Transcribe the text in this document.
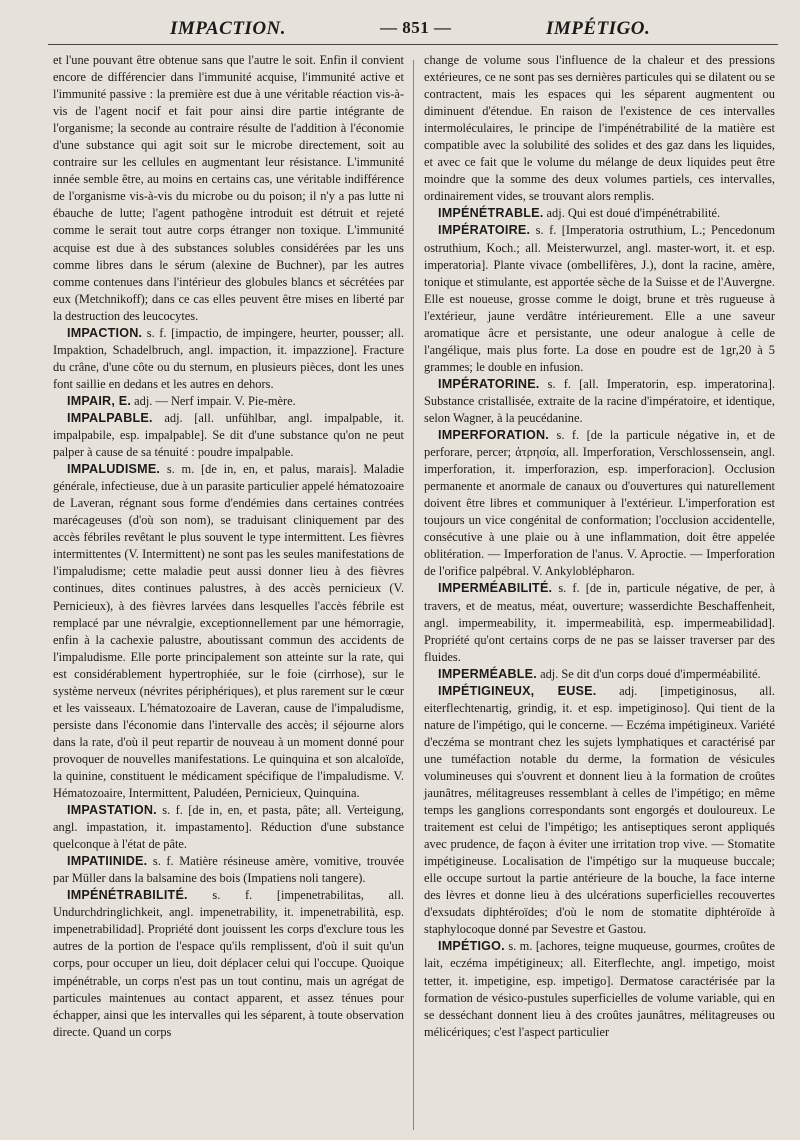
IMPACTION.	— 851 —	IMPÉTIGO.

et l'une pouvant être obtenue sans que l'autre le soit. Enfin il convient encore de différencier dans l'immunité acquise, l'immunité active et l'immunité passive : la première est due à une véritable réaction vis-à-vis de l'agent nocif et fait pour ainsi dire partie intégrante de l'organisme; la seconde au contraire résulte de l'addition à l'économie d'une substance qui agit soit sur le microbe directement, soit au contraire sur les cellules en augmentant leur résistance. L'immunité innée semble être, au moins en certains cas, une véritable indifférence de l'organisme vis-à-vis du microbe ou du poison; il n'y a pas lutte ni ébauche de lutte; l'agent pathogène introduit est détruit et rejeté comme le serait tout autre corps étranger non toxique. L'immunité acquise est due à des substances solubles considérées par les uns comme libres dans le sérum (alexine de Buchner), par les autres comme contenues dans l'intérieur des globules blancs et sécrétées par eux (Metchnikoff); dans ce cas elles peuvent être mises en liberté par la destruction des leucocytes.

IMPACTION. s. f. [impactio, de impingere, heurter, pousser; all. Impaktion, Schadelbruch, angl. impaction, it. impazzione]. Fracture du crâne, d'une côte ou du sternum, en plusieurs pièces, dont les unes font saillie en dedans et les autres en dehors.

IMPAIR, E. adj. — Nerf impair. V. Pie-mère.

IMPALPABLE. adj. [all. unfühlbar, angl. impalpable, it. impalpabile, esp. impalpable]. Se dit d'une substance qu'on ne peut palper à cause de sa ténuité : poudre impalpable.

IMPALUDISME. s. m. [de in, en, et palus, marais]. Maladie générale, infectieuse, due à un parasite particulier appelé hématozoaire de Laveran, régnant sous forme d'endémies dans certaines contrées marécageuses (d'où son nom), se traduisant cliniquement par des accès fébriles revêtant le plus souvent le type intermittent. Les fièvres intermittentes (V. Intermittent) ne sont pas les seules manifestations de l'impaludisme; cette maladie peut aussi donner lieu à des fièvres continues, dites continues palustres, à des accès pernicieux (V. Pernicieux), à des fièvres larvées dans lesquelles l'accès fébrile est remplacé par une névralgie, exceptionnellement par une hémorragie, enfin à la cachexie palustre, aboutissant commun des accidents de l'impaludisme. Elle porte principalement son atteinte sur la rate, qui est considérablement hypertrophiée, sur le foie (cirrhose), sur le système nerveux (névrites périphériques), et plus rarement sur le cœur et les vaisseaux. L'hématozoaire de Laveran, cause de l'impaludisme, persiste dans l'économie dans l'intervalle des accès; il séjourne alors dans la rate, d'où il peut repartir de nouveau à un moment donné pour provoquer de nouvelles manifestations. Le quinquina et son alcaloïde, la quinine, constituent le médicament spécifique de l'impaludisme. V. Hématozoaire, Intermittent, Paludéen, Pernicieux, Quinquina.

IMPASTATION. s. f. [de in, en, et pasta, pâte; all. Verteigung, angl. impastation, it. impastamento]. Réduction d'une substance quelconque à l'état de pâte.

IMPATIINIDE. s. f. Matière résineuse amère, vomitive, trouvée par Müller dans la balsamine des bois (Impatiens noli tangere).

IMPÉNÉTRABILITÉ. s. f. [impenetrabilitas, all. Undurchdringlichkeit, angl. impenetrability, it. impenetrabilità, esp. impenetrabilidad]. Propriété dont jouissent les corps d'exclure tous les autres de la portion de l'espace qu'ils remplissent, d'où il suit qu'un corps, pour occuper un lieu, doit déplacer celui qui l'occupe. Quoique impénétrable, un corps n'est pas un tout continu, mais un agrégat de particules maintenues au contact apparent, et assez ténues pour échapper, ainsi que les intervalles qui les séparent, à toute observation directe. Quand un corps

change de volume sous l'influence de la chaleur et des pressions extérieures, ce ne sont pas ses dernières particules qui se dilatent ou se contractent, mais les espaces qui les séparent augmentent ou diminuent d'étendue. En raison de l'existence de ces intervalles intermoléculaires, le principe de l'impénétrabilité de la matière est compatible avec la solubilité des solides et des gaz dans les liquides, et avec ce fait que le volume du mélange de deux liquides peut être moindre que la somme des deux volumes partiels, ces intervalles, ordinairement vides, se trouvant alors remplis.

IMPÉNÉTRABLE. adj. Qui est doué d'impénétrabilité.

IMPÉRATOIRE. s. f. [Imperatoria ostruthium, L.; Pencedonum ostruthium, Koch.; all. Meisterwurzel, angl. master-wort, it. et esp. imperatoria]. Plante vivace (ombellifères, J.), dont la racine, amère, tonique et stimulante, est apportée sèche de la Suisse et de l'Auvergne. Elle est noueuse, grosse comme le doigt, brune et très rugueuse à l'extérieur, jaune verdâtre intérieurement. Elle a une saveur aromatique âcre et persistante, une odeur analogue à celle de l'angélique, mais plus forte. La dose en poudre est de 1gr,20 à 5 grammes; le double en infusion.

IMPÉRATORINE. s. f. [all. Imperatorin, esp. imperatorina]. Substance cristallisée, extraite de la racine d'impératoire, et identique, selon Wagner, à la peucédanine.

IMPERFORATION. s. f. [de la particule négative in, et de perforare, percer; ἀτρησία, all. Imperforation, Verschlossensein, angl. imperforation, it. imperforazion, esp. imperforacion]. Occlusion permanente et anormale de canaux ou d'ouvertures qui naturellement doivent être libres et communiquer à l'extérieur. L'imperforation est toujours un vice congénital de conformation; l'occlusion accidentelle, consécutive à une plaie ou à une inflammation, doit être appelée oblitération. — Imperforation de l'anus. V. Aproctie. — Imperforation de l'orifice palpébral. V. Ankyloblépharon.

IMPERMÉABILITÉ. s. f. [de in, particule négative, de per, à travers, et de meatus, méat, ouverture; wasserdichte Beschaffenheit, angl. impermeability, it. impermeabilità, esp. impermeabilidad]. Propriété qu'ont certains corps de ne pas se laisser traverser par des fluides.

IMPERMÉABLE. adj. Se dit d'un corps doué d'imperméabilité.

IMPÉTIGINEUX, EUSE. adj. [impetiginosus, all. eiterflechtenartig, grindig, it. et esp. impetiginoso]. Qui tient de la nature de l'impétigo, qui le concerne. — Eczéma impétigineux. Variété d'eczéma se montrant chez les sujets lymphatiques et caractérisé par une tuméfaction notable du derme, la formation de vésicules volumineuses qui s'ouvrent et donnent lieu à la formation de croûtes jaunâtres, mélitagreuses ressemblant à celles de l'impétigo; en même temps les ganglions correspondants sont engorgés et douloureux. Le traitement est celui de l'impétigo; les antiseptiques seront appliqués avec prudence, de façon à éviter une irritation trop vive. — Stomatite impétigineuse. Localisation de l'impétigo sur la muqueuse buccale; elle occupe surtout la partie antérieure de la bouche, la face interne des lèvres et donne lieu à des ulcérations superficielles recouvertes d'exsudats diphtéroïdes; d'où le nom de stomatite diphtéroïde à staphylocoque donné par Sevestre et Gastou.

IMPÉTIGO. s. m. [achores, teigne muqueuse, gourmes, croûtes de lait, eczéma impétigineux; all. Eiterflechte, angl. impetigo, moist tetter, it. impetigine, esp. impetigo]. Dermatose caractérisée par la formation de vésico-pustules superficielles de volume variable, qui en se desséchant donnent lieu à des croûtes jaunâtres, mélitagreuses ou mélicériques; c'est l'aspect particulier
